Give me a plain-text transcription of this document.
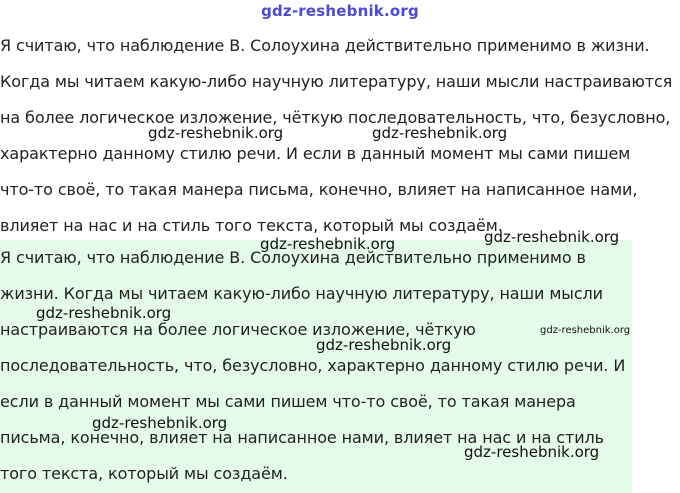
gdz-reshebnik.org
Я считаю, что наблюдение В. Солоухина действительно применимо в жизни.
Когда мы читаем какую-либо научную литературу, наши мысли настраиваются
на более логическое изложение, чёткую последовательность, что, безусловно,
характерно данному стилю речи. И если в данный момент мы сами пишем
что-то своё, то такая манера письма, конечно, влияет на написанное нами,
влияет на нас и на стиль того текста, который мы создаём.
Я считаю, что наблюдение В. Солоухина действительно применимо в
жизни. Когда мы читаем какую-либо научную литературу, наши мысли
настраиваются на более логическое изложение, чёткую
последовательность, что, безусловно, характерно данному стилю речи. И
если в данный момент мы сами пишем что-то своё, то такая манера
письма, конечно, влияет на написанное нами, влияет на нас и на стиль
того текста, который мы создаём.
gdz-reshebnik.org	gdz-reshebnik.org
gdz-reshebnik.org	gdz-reshebnik.org
gdz-reshebnik.org
gdz-reshebnik.org
gdz-reshebnik.org
gdz-reshebnik.org
gdz-reshebnik.org
